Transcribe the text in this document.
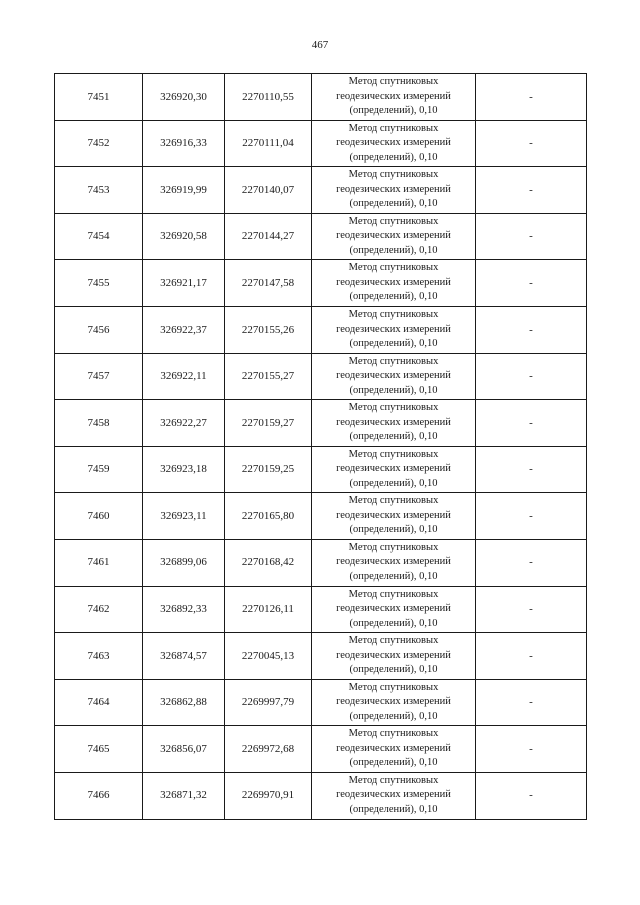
467
7451	326920,30	2270110,55	Метод спутниковых
геодезических измерений
(определений), 0,10	-
7452	326916,33	2270111,04	Метод спутниковых
геодезических измерений
(определений), 0,10	-
7453	326919,99	2270140,07	Метод спутниковых
геодезических измерений
(определений), 0,10	-
7454	326920,58	2270144,27	Метод спутниковых
геодезических измерений
(определений), 0,10	-
7455	326921,17	2270147,58	Метод спутниковых
геодезических измерений
(определений), 0,10	-
7456	326922,37	2270155,26	Метод спутниковых
геодезических измерений
(определений), 0,10	-
7457	326922,11	2270155,27	Метод спутниковых
геодезических измерений
(определений), 0,10	-
7458	326922,27	2270159,27	Метод спутниковых
геодезических измерений
(определений), 0,10	-
7459	326923,18	2270159,25	Метод спутниковых
геодезических измерений
(определений), 0,10	-
7460	326923,11	2270165,80	Метод спутниковых
геодезических измерений
(определений), 0,10	-
7461	326899,06	2270168,42	Метод спутниковых
геодезических измерений
(определений), 0,10	-
7462	326892,33	2270126,11	Метод спутниковых
геодезических измерений
(определений), 0,10	-
7463	326874,57	2270045,13	Метод спутниковых
геодезических измерений
(определений), 0,10	-
7464	326862,88	2269997,79	Метод спутниковых
геодезических измерений
(определений), 0,10	-
7465	326856,07	2269972,68	Метод спутниковых
геодезических измерений
(определений), 0,10	-
7466	326871,32	2269970,91	Метод спутниковых
геодезических измерений
(определений), 0,10	-
